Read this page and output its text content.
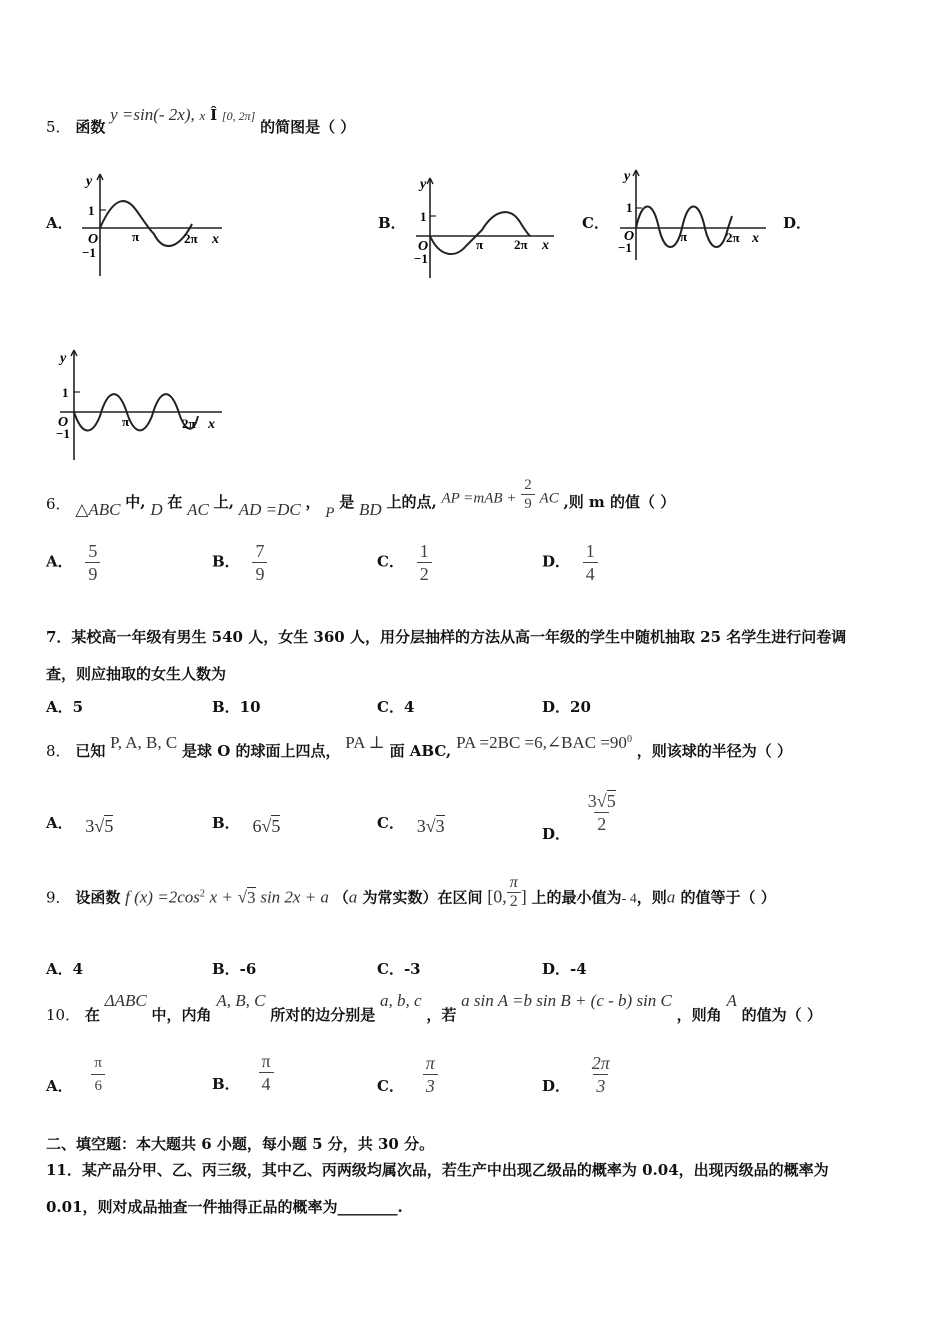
5． 函数 y =sin(- 2x), x Î [0, 2π] 的简图是（ ）
A．	B．	C．	D．
y
1
O
−1
π	2π x
y
1
O
−1
π 2π x
y
1
O
−1
π	2π x
y
1
O
−1
π	2π x
6． △ABC 中, D 在 AC 上, AD =DC ， P 是 BD 上的点, AP $=mAB + \frac{2}{9}$ AC ,则 m 的值（ ）
A． $\frac{5}{9}$	B． $\frac{7}{9}$	C． $\frac{1}{2}$	D． $\frac{1}{4}$
7．某校高一年级有男生 540 人，女生 360 人，用分层抽样的方法从高一年级的学生中随机抽取 25 名学生进行问卷调
查，则应抽取的女生人数为
A．5	B．10	C．4	D．20
8． 已知 P, A, B, C 是球 O 的球面上四点， PA ⊥ 面 ABC, PA =2BC =6,∠BAC $=90^0$ ，则该球的半径为（ ）
A． 3√5	B． 6√5	C． 3√3	D． $\frac{3√5}{2}$
9． 设函数 f $(x) =2\cos^2$ x + √3 sin 2x + a （a 为常实数）在区间 [0, $\frac{\pi}{2}$ ] 上的最小值为- 4，则a 的值等于（ ）
A．4	B．-6	C．-3	D．-4
10． 在 ΔABC 中，内角 A, B, C 所对的边分别是 a, b, c ，若 a sin A =b sin B + (c - b) sin C ，则角 A 的值为（ ）
A． $\frac{\pi}{6}$	B． $\frac{\pi}{4}$	C． $\frac{\pi}{3}$	D． $\frac{2\pi}{3}$
二、填空题：本大题共 6 小题，每小题 5 分，共 30 分。
11．某产品分甲、乙、丙三级，其中乙、丙两级均属次品，若生产中出现乙级品的概率为 0.04，出现丙级品的概率为
0.01，则对成品抽查一件抽得正品的概率为________.
